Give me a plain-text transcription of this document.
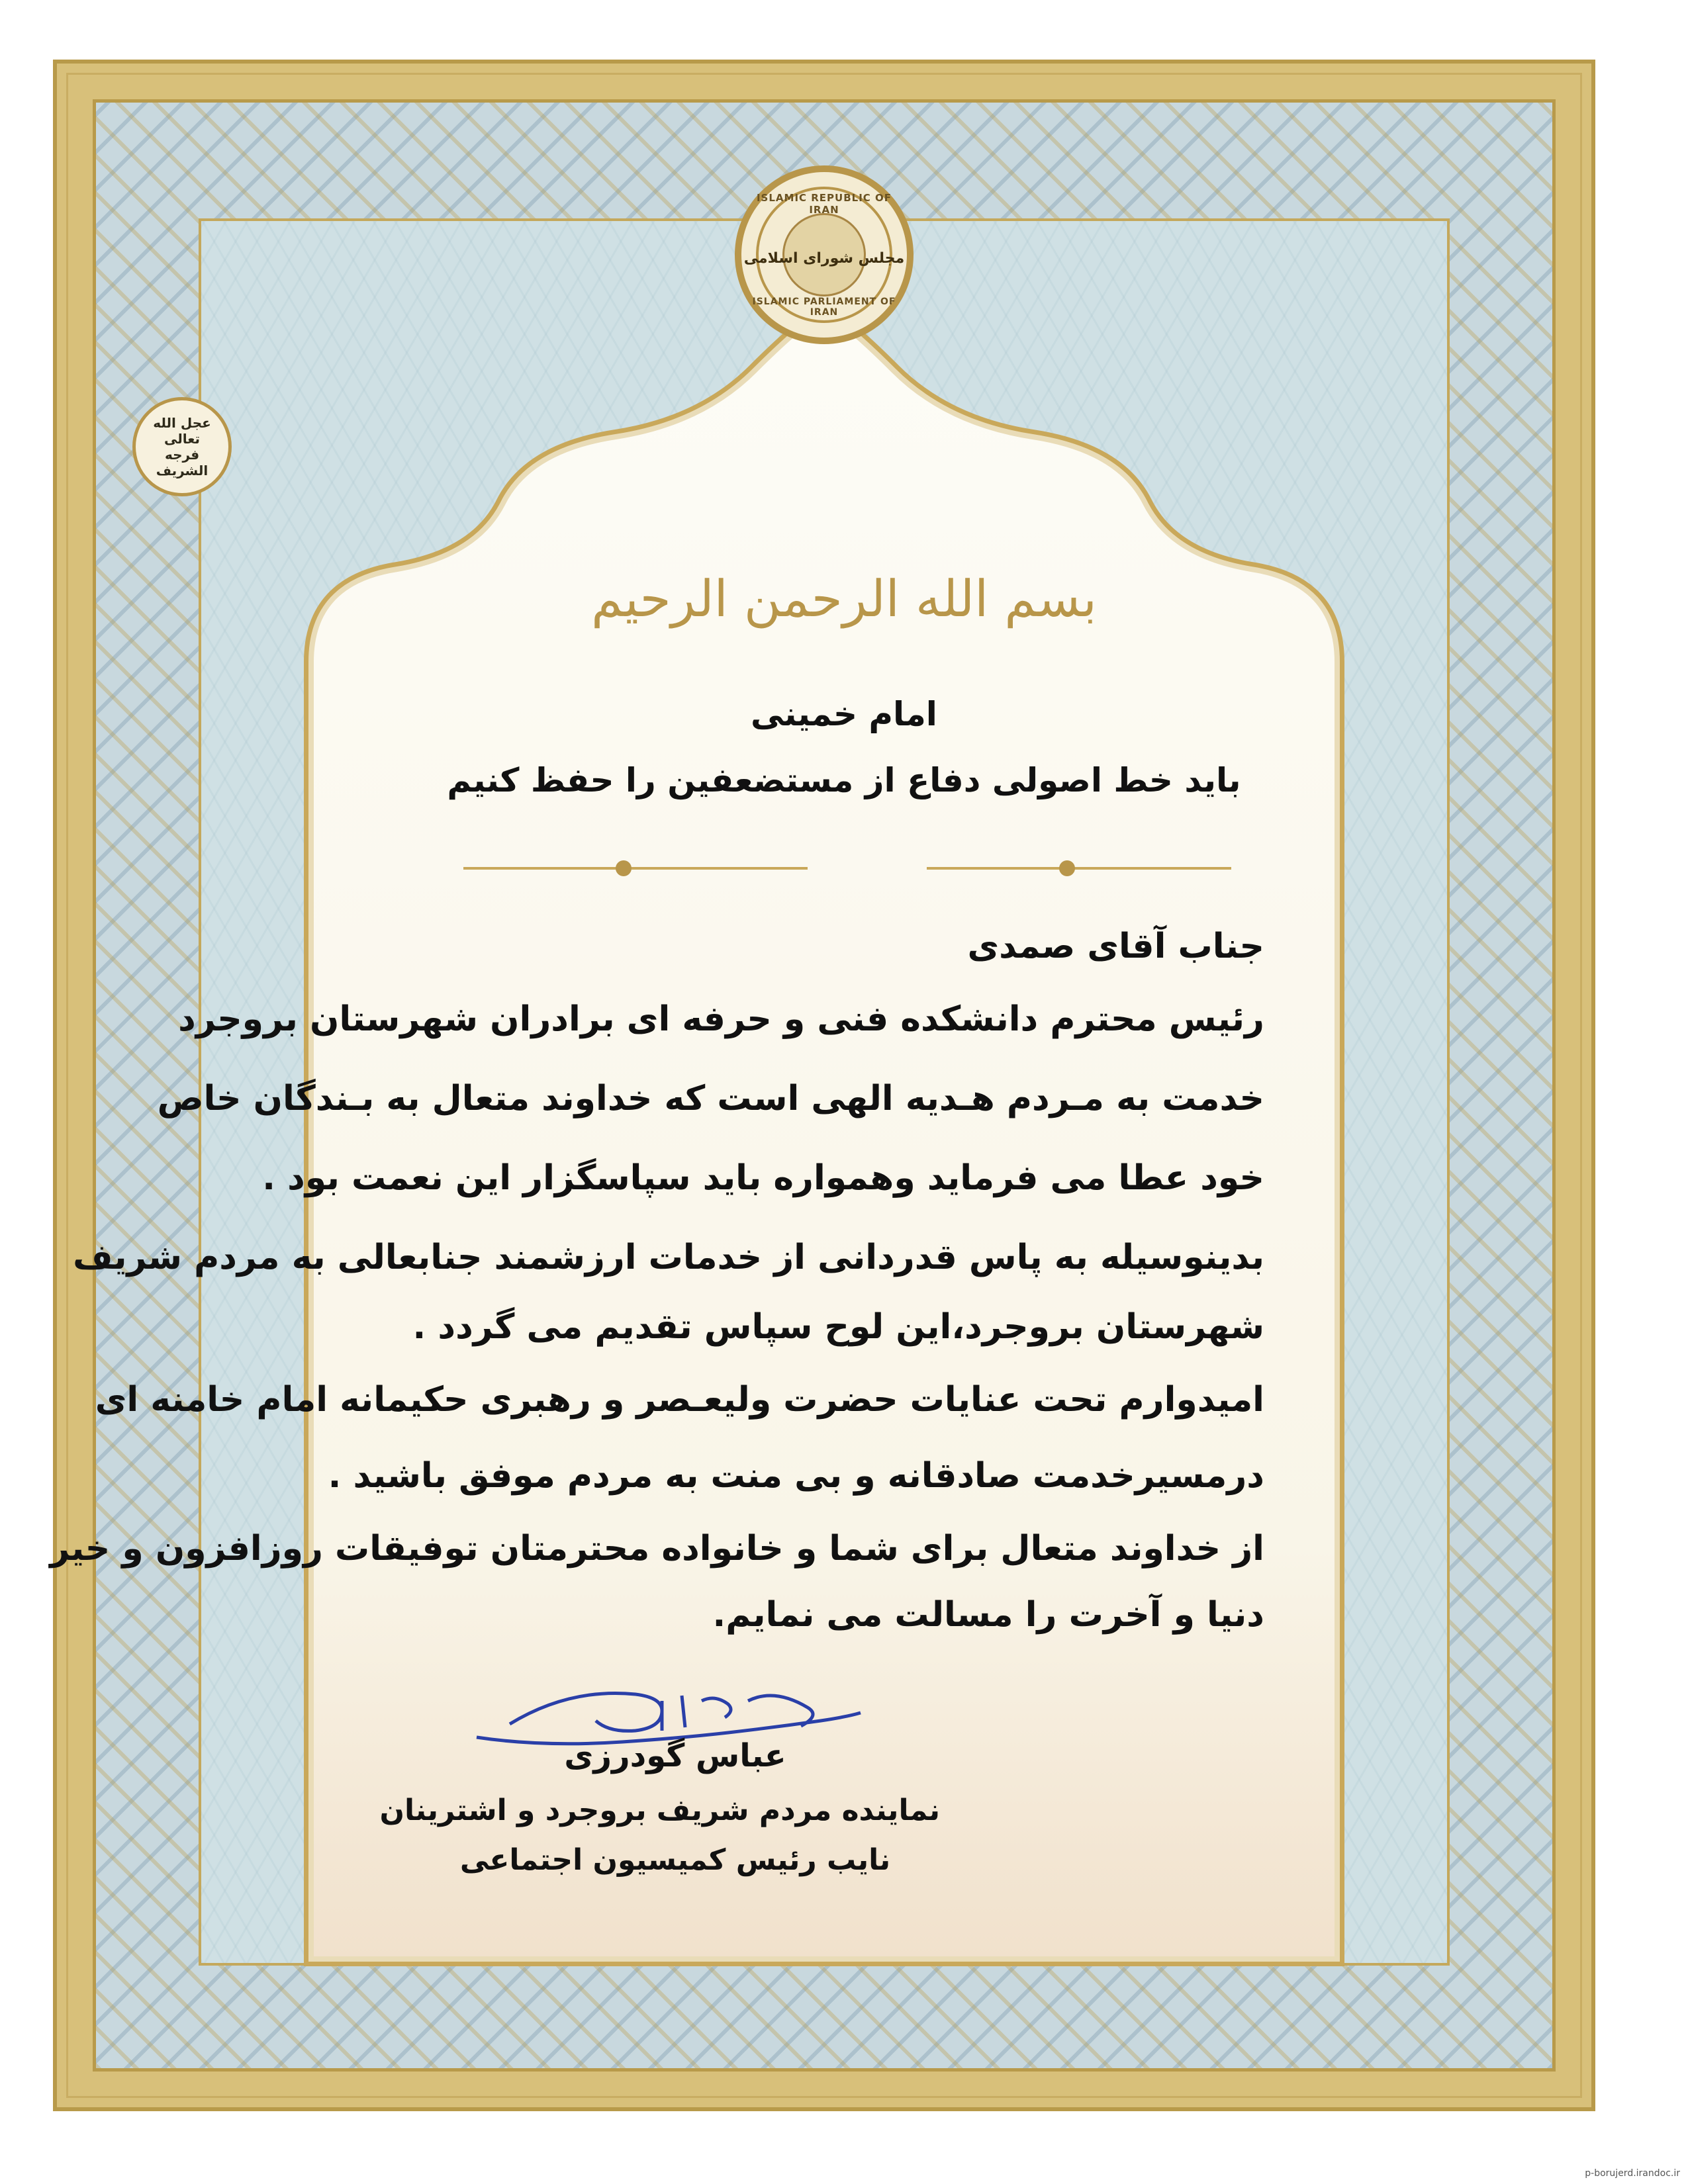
ISLAMIC REPUBLIC OF IRAN
مجلس شورای اسلامی
ISLAMIC PARLIAMENT OF IRAN
عجل الله تعالی فرجه الشریف
بسم الله الرحمن الرحیم
امام خمینی
باید خط اصولی دفاع از مستضعفین را حفظ کنیم
جناب آقای صمدی
رئیس محترم دانشکده فنی و حرفه ای برادران شهرستان بروجرد
خدمت به مـردم هـدیه الهی است که خداوند متعال به بـندگان خاص
خود عطا می فرماید وهمواره باید سپاسگزار این نعمت بود .
بدینوسیله به پاس قدردانی از خدمات ارزشمند جنابعالی به مردم شریف
شهرستان بروجرد،این لوح سپاس تقدیم می گردد .
امیدوارم تحت عنایات حضرت ولیعـصر و رهبری حکیمانه امام خامنه ای
درمسیرخدمت صادقانه و بی منت به مردم موفق باشید .
از خداوند متعال برای شما و خانواده محترمتان توفیقات روزافزون و خیر
دنیا و آخرت را مسالت می نمایم.
عباس گودرزی
نماینده مردم شریف بروجرد و اشترینان
نایب رئیس کمیسیون اجتماعی
p-borujerd.irandoc.ir
